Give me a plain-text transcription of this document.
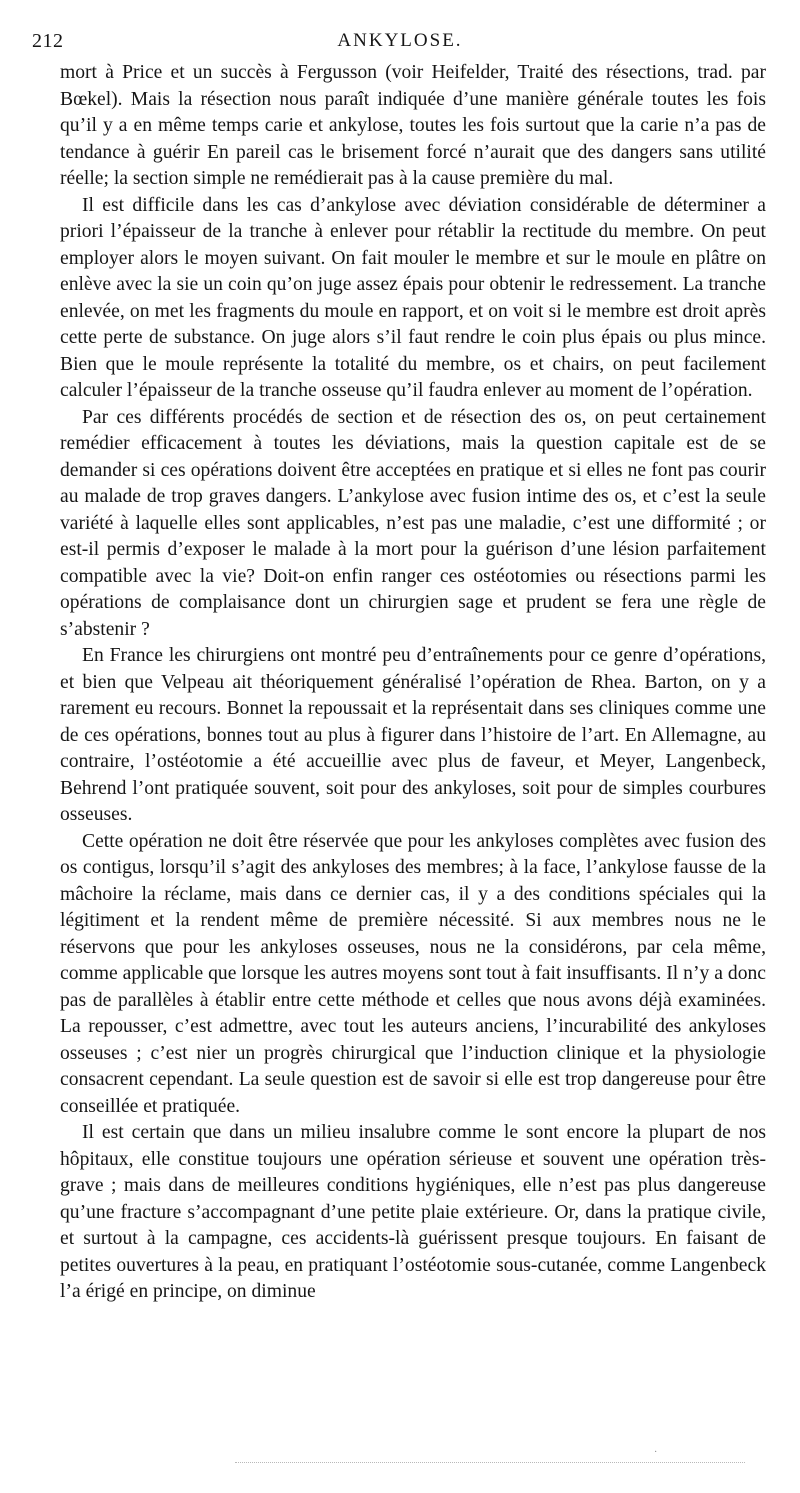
212	ANKYLOSE.

mort à Price et un succès à Fergusson (voir Heifelder, Traité des résections, trad. par Bœkel). Mais la résection nous paraît indiquée d’une manière générale toutes les fois qu’il y a en même temps carie et ankylose, toutes les fois surtout que la carie n’a pas de tendance à guérir En pareil cas le brisement forcé n’aurait que des dangers sans utilité réelle; la section simple ne remédierait pas à la cause première du mal.

Il est difficile dans les cas d’ankylose avec déviation considérable de déterminer a priori l’épaisseur de la tranche à enlever pour rétablir la rectitude du membre. On peut employer alors le moyen suivant. On fait mouler le membre et sur le moule en plâtre on enlève avec la sie un coin qu’on juge assez épais pour obtenir le redressement. La tranche enlevée, on met les fragments du moule en rapport, et on voit si le membre est droit après cette perte de substance. On juge alors s’il faut rendre le coin plus épais ou plus mince. Bien que le moule représente la totalité du membre, os et chairs, on peut facilement calculer l’épaisseur de la tranche osseuse qu’il faudra enlever au moment de l’opération.

Par ces différents procédés de section et de résection des os, on peut certainement remédier efficacement à toutes les déviations, mais la question capitale est de se demander si ces opérations doivent être acceptées en pratique et si elles ne font pas courir au malade de trop graves dangers. L’ankylose avec fusion intime des os, et c’est la seule variété à laquelle elles sont applicables, n’est pas une maladie, c’est une difformité ; or est-il permis d’exposer le malade à la mort pour la guérison d’une lésion parfaitement compatible avec la vie? Doit-on enfin ranger ces ostéotomies ou résections parmi les opérations de complaisance dont un chirurgien sage et prudent se fera une règle de s’abstenir ?

En France les chirurgiens ont montré peu d’entraînements pour ce genre d’opérations, et bien que Velpeau ait théoriquement généralisé l’opération de Rhea. Barton, on y a rarement eu recours. Bonnet la repoussait et la représentait dans ses cliniques comme une de ces opérations, bonnes tout au plus à figurer dans l’histoire de l’art. En Allemagne, au contraire, l’ostéotomie a été accueillie avec plus de faveur, et Meyer, Langenbeck, Behrend l’ont pratiquée souvent, soit pour des ankyloses, soit pour de simples courbures osseuses.

Cette opération ne doit être réservée que pour les ankyloses complètes avec fusion des os contigus, lorsqu’il s’agit des ankyloses des membres; à la face, l’ankylose fausse de la mâchoire la réclame, mais dans ce dernier cas, il y a des conditions spéciales qui la légitiment et la rendent même de première nécessité. Si aux membres nous ne le réservons que pour les ankyloses osseuses, nous ne la considérons, par cela même, comme applicable que lorsque les autres moyens sont tout à fait insuffisants. Il n’y a donc pas de parallèles à établir entre cette méthode et celles que nous avons déjà examinées. La repousser, c’est admettre, avec tout les auteurs anciens, l’incurabilité des ankyloses osseuses ; c’est nier un progrès chirurgical que l’induction clinique et la physiologie consacrent cependant. La seule question est de savoir si elle est trop dangereuse pour être conseillée et pratiquée.

Il est certain que dans un milieu insalubre comme le sont encore la plupart de nos hôpitaux, elle constitue toujours une opération sérieuse et souvent une opération très-grave ; mais dans de meilleures conditions hygiéniques, elle n’est pas plus dangereuse qu’une fracture s’accompagnant d’une petite plaie extérieure. Or, dans la pratique civile, et surtout à la campagne, ces accidents-là guérissent presque toujours. En faisant de petites ouvertures à la peau, en pratiquant l’ostéotomie sous-cutanée, comme Langenbeck l’a érigé en principe, on diminue

·
